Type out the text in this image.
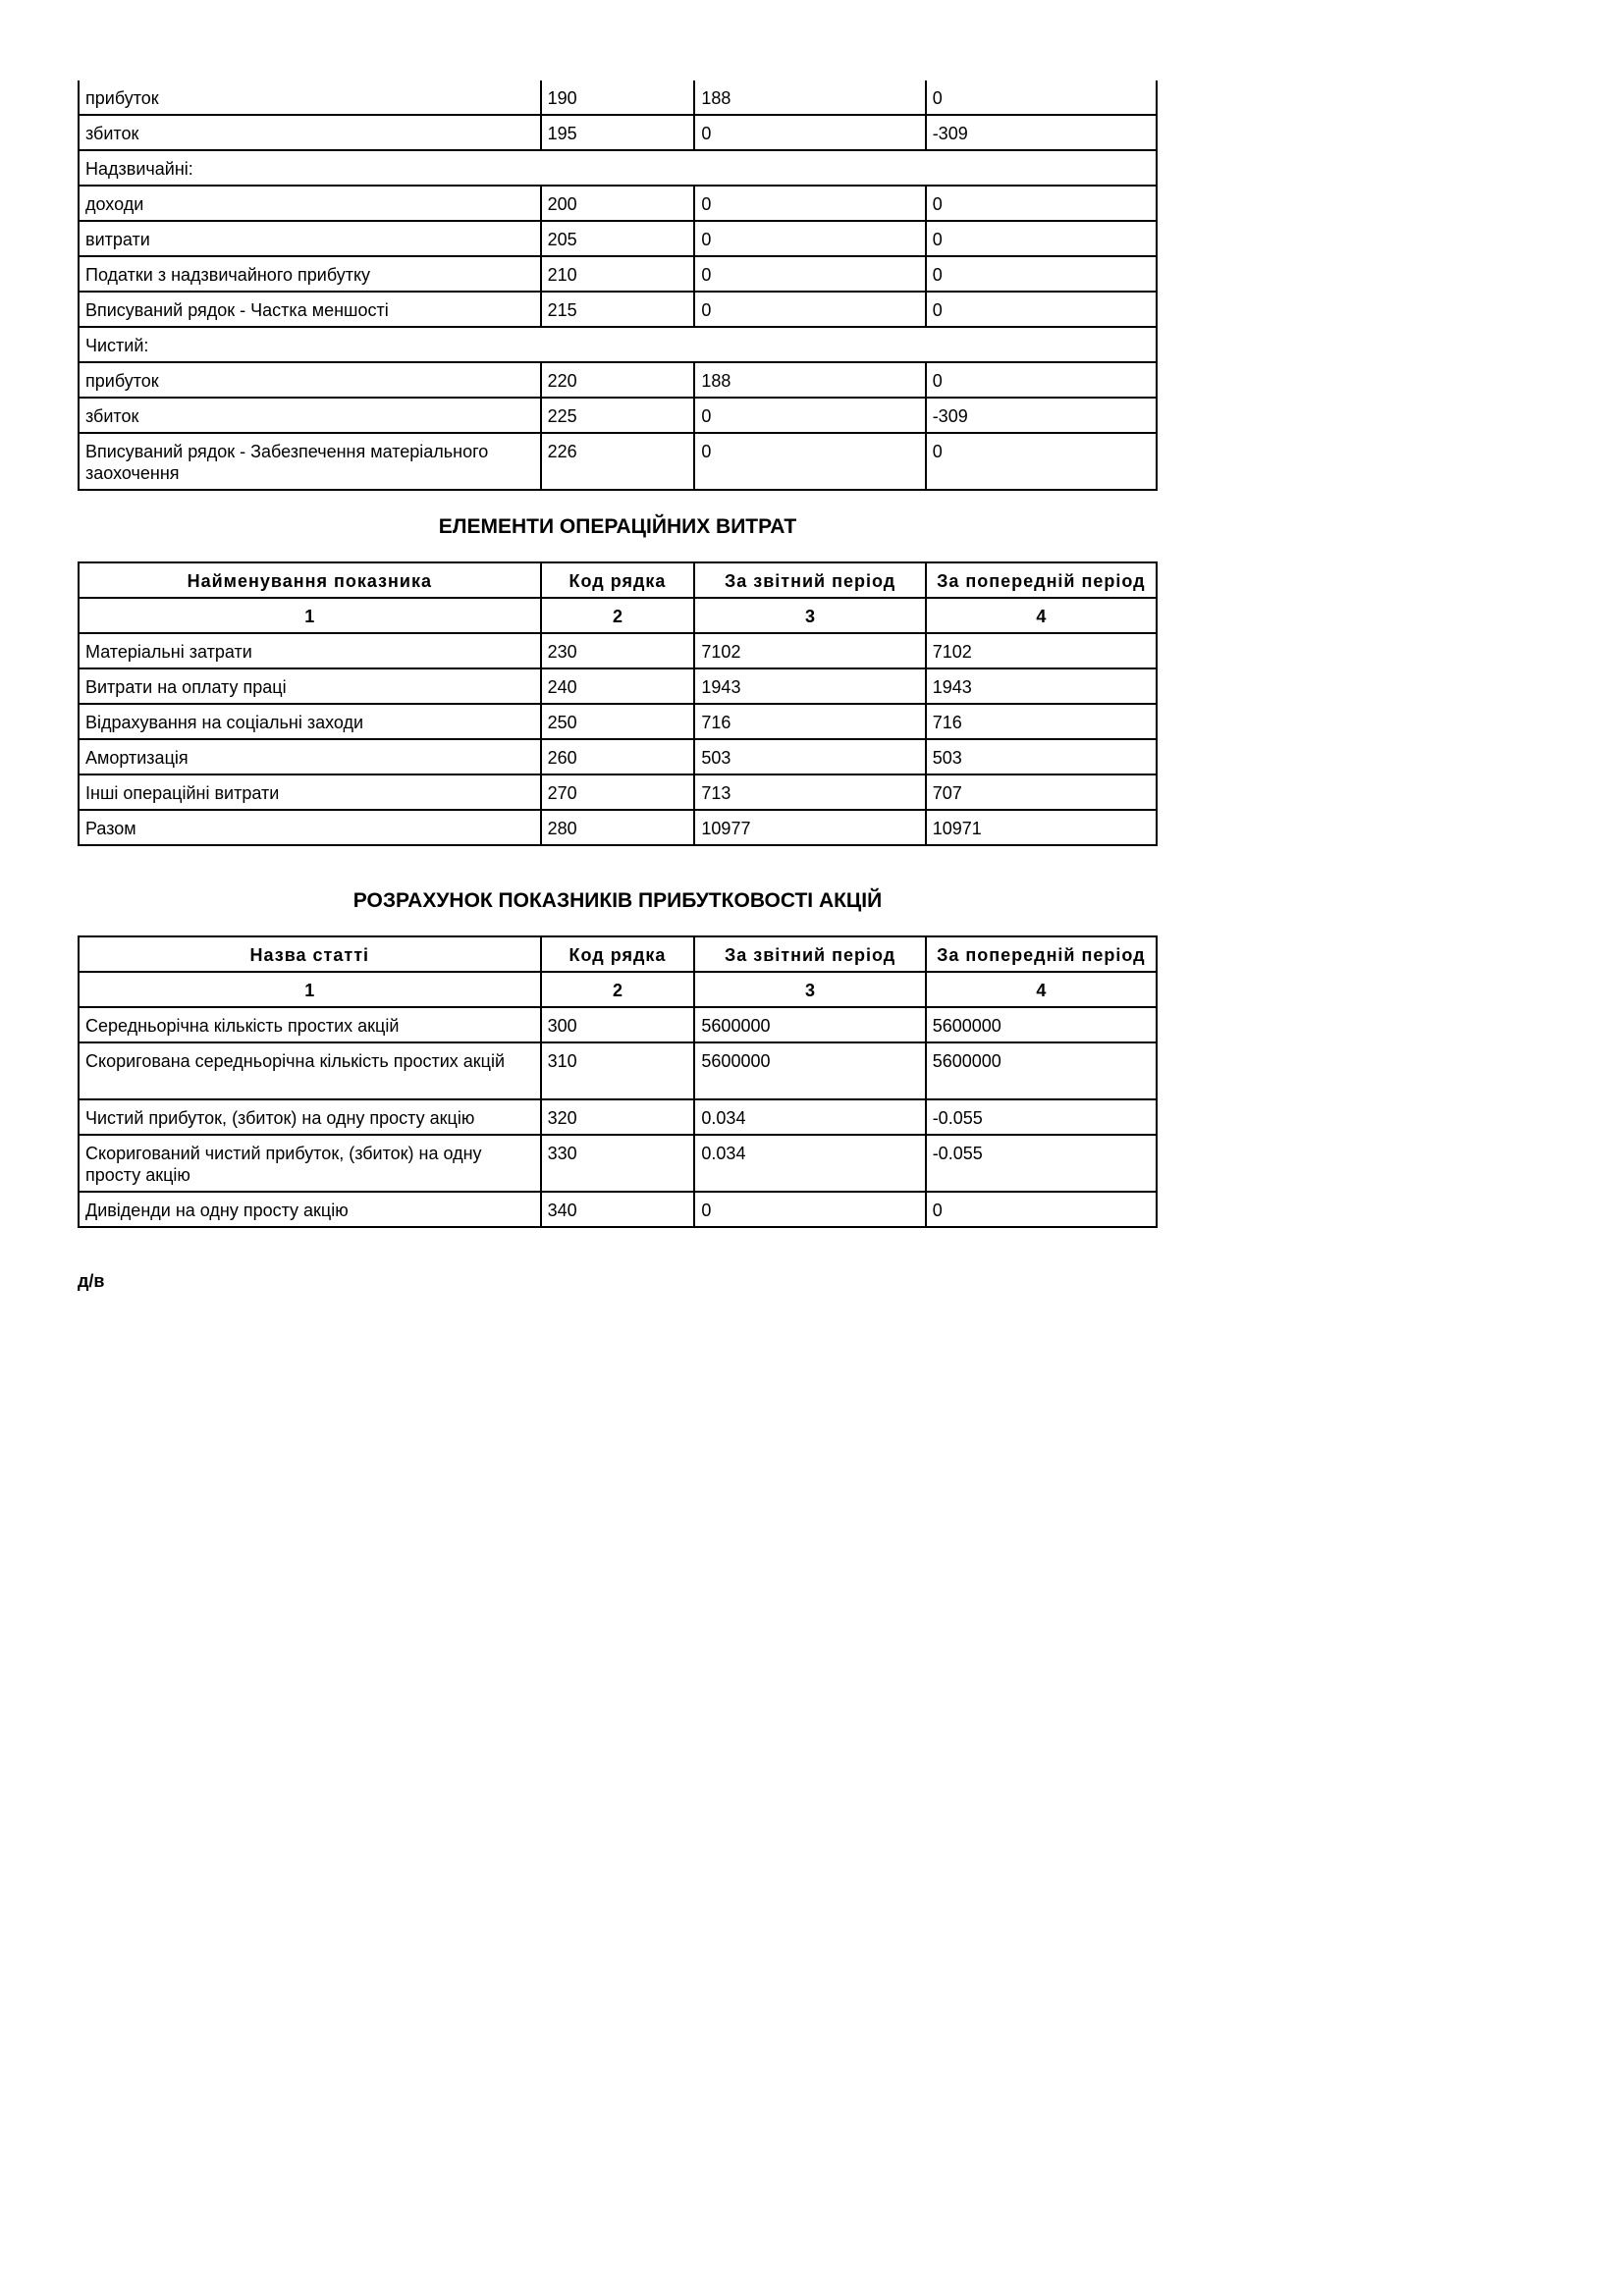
прибуток	190	188	0
збиток	195	0	-309
Надзвичайні:			
доходи	200	0	0
витрати	205	0	0
Податки з надзвичайного прибутку	210	0	0
Вписуваний рядок - Частка меншості	215	0	0
Чистий:			
прибуток	220	188	0
збиток	225	0	-309
Вписуваний рядок - Забезпечення матеріального заохочення	226	0	0
ЕЛЕМЕНТИ ОПЕРАЦІЙНИХ ВИТРАТ
Найменування показника	Код рядка	За звітний період	За попередній період
1	2	3	4
Матеріальні затрати	230	7102	7102
Витрати на оплату праці	240	1943	1943
Відрахування на соціальні заходи	250	716	716
Амортизація	260	503	503
Інші операційні витрати	270	713	707
Разом	280	10977	10971
РОЗРАХУНОК ПОКАЗНИКІВ ПРИБУТКОВОСТІ АКЦІЙ
Назва статті	Код рядка	За звітний період	За попередній період
1	2	3	4
Середньорічна кількість простих акцій	300	5600000	5600000
Скоригована середньорічна кількість простих акцій	310	5600000	5600000
Чистий прибуток, (збиток) на одну просту акцію	320	0.034	-0.055
Скоригований чистий прибуток, (збиток) на одну просту акцію	330	0.034	-0.055
Дивіденди на одну просту акцію	340	0	0
д/в
